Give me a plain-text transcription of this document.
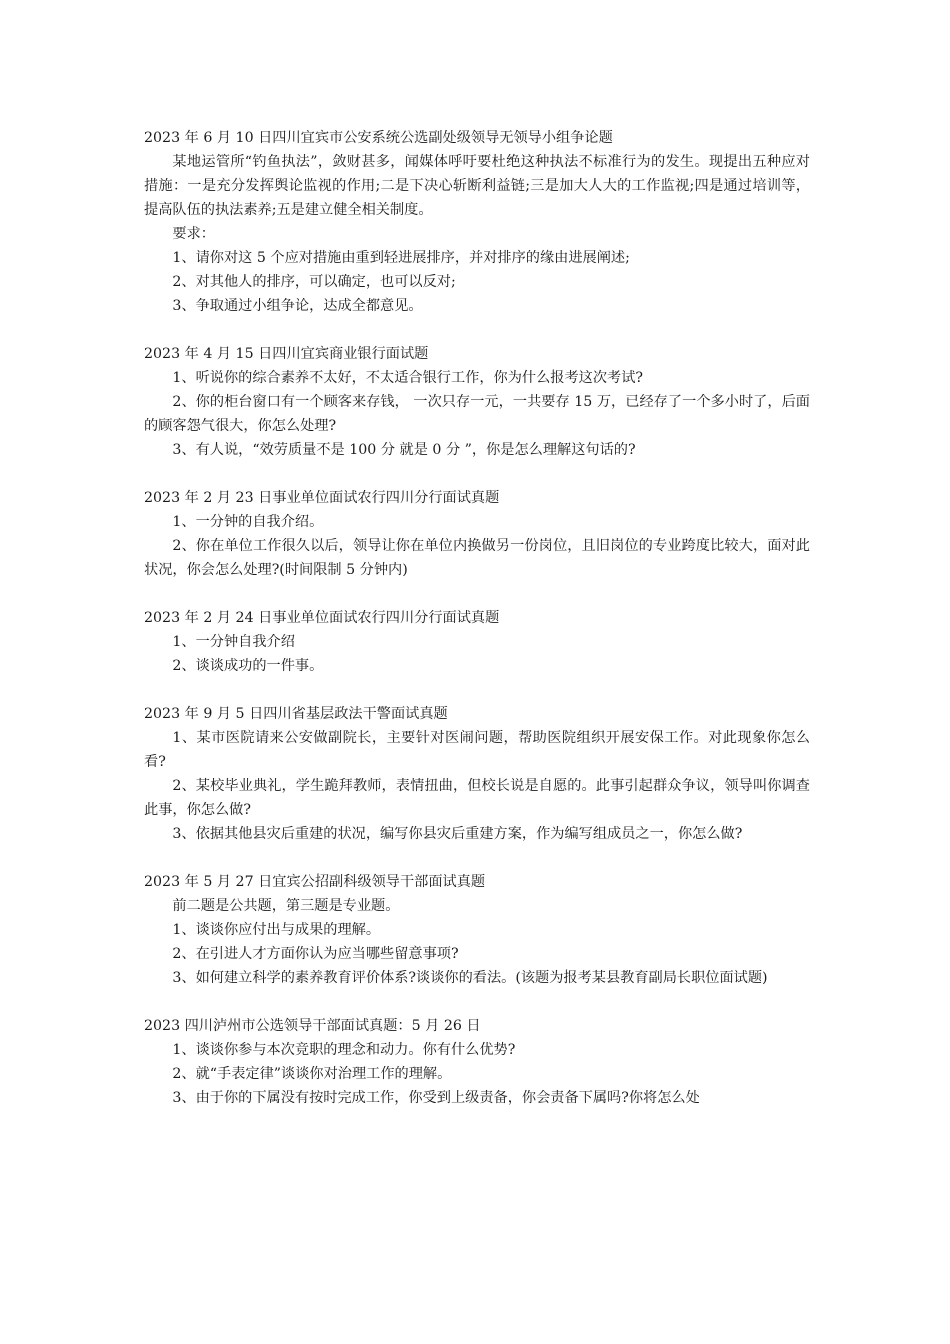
2023 年 6 月 10 日四川宜宾市公安系统公选副处级领导无领导小组争论题

某地运管所“钓鱼执法”，敛财甚多，闻媒体呼吁要杜绝这种执法不标准行为的发生。现提出五种应对措施：一是充分发挥舆论监视的作用;二是下决心斩断利益链;三是加大人大的工作监视;四是通过培训等，提高队伍的执法素养;五是建立健全相关制度。

要求：

1、请你对这 5 个应对措施由重到轻进展排序，并对排序的缘由进展阐述;

2、对其他人的排序，可以确定，也可以反对;

3、争取通过小组争论，达成全都意见。

2023 年 4 月 15 日四川宜宾商业银行面试题

1、听说你的综合素养不太好，不太适合银行工作，你为什么报考这次考试?

2、你的柜台窗口有一个顾客来存钱， 一次只存一元，一共要存 15 万，已经存了一个多小时了，后面的顾客怨气很大，你怎么处理?

3、有人说，“效劳质量不是 100 分 就是 0 分 ”，你是怎么理解这句话的?

2023 年 2 月 23 日事业单位面试农行四川分行面试真题

1、一分钟的自我介绍。

2、你在单位工作很久以后，领导让你在单位内换做另一份岗位，且旧岗位的专业跨度比较大，面对此状况，你会怎么处理?(时间限制 5 分钟内)

2023 年 2 月 24 日事业单位面试农行四川分行面试真题

1、一分钟自我介绍

2、谈谈成功的一件事。

2023 年 9 月 5 日四川省基层政法干警面试真题

1、某市医院请来公安做副院长，主要针对医闹问题，帮助医院组织开展安保工作。对此现象你怎么看?

2、某校毕业典礼，学生跪拜教师，表情扭曲，但校长说是自愿的。此事引起群众争议，领导叫你调查此事，你怎么做?

3、依据其他县灾后重建的状况，编写你县灾后重建方案，作为编写组成员之一，你怎么做?

2023 年 5 月 27 日宜宾公招副科级领导干部面试真题

前二题是公共题，第三题是专业题。

1、谈谈你应付出与成果的理解。

2、在引进人才方面你认为应当哪些留意事项?

3、如何建立科学的素养教育评价体系?谈谈你的看法。(该题为报考某县教育副局长职位面试题)

2023 四川泸州市公选领导干部面试真题：5 月 26 日

1、谈谈你参与本次竞职的理念和动力。你有什么优势?

2、就“手表定律”谈谈你对治理工作的理解。

3、由于你的下属没有按时完成工作，你受到上级责备，你会责备下属吗?你将怎么处
